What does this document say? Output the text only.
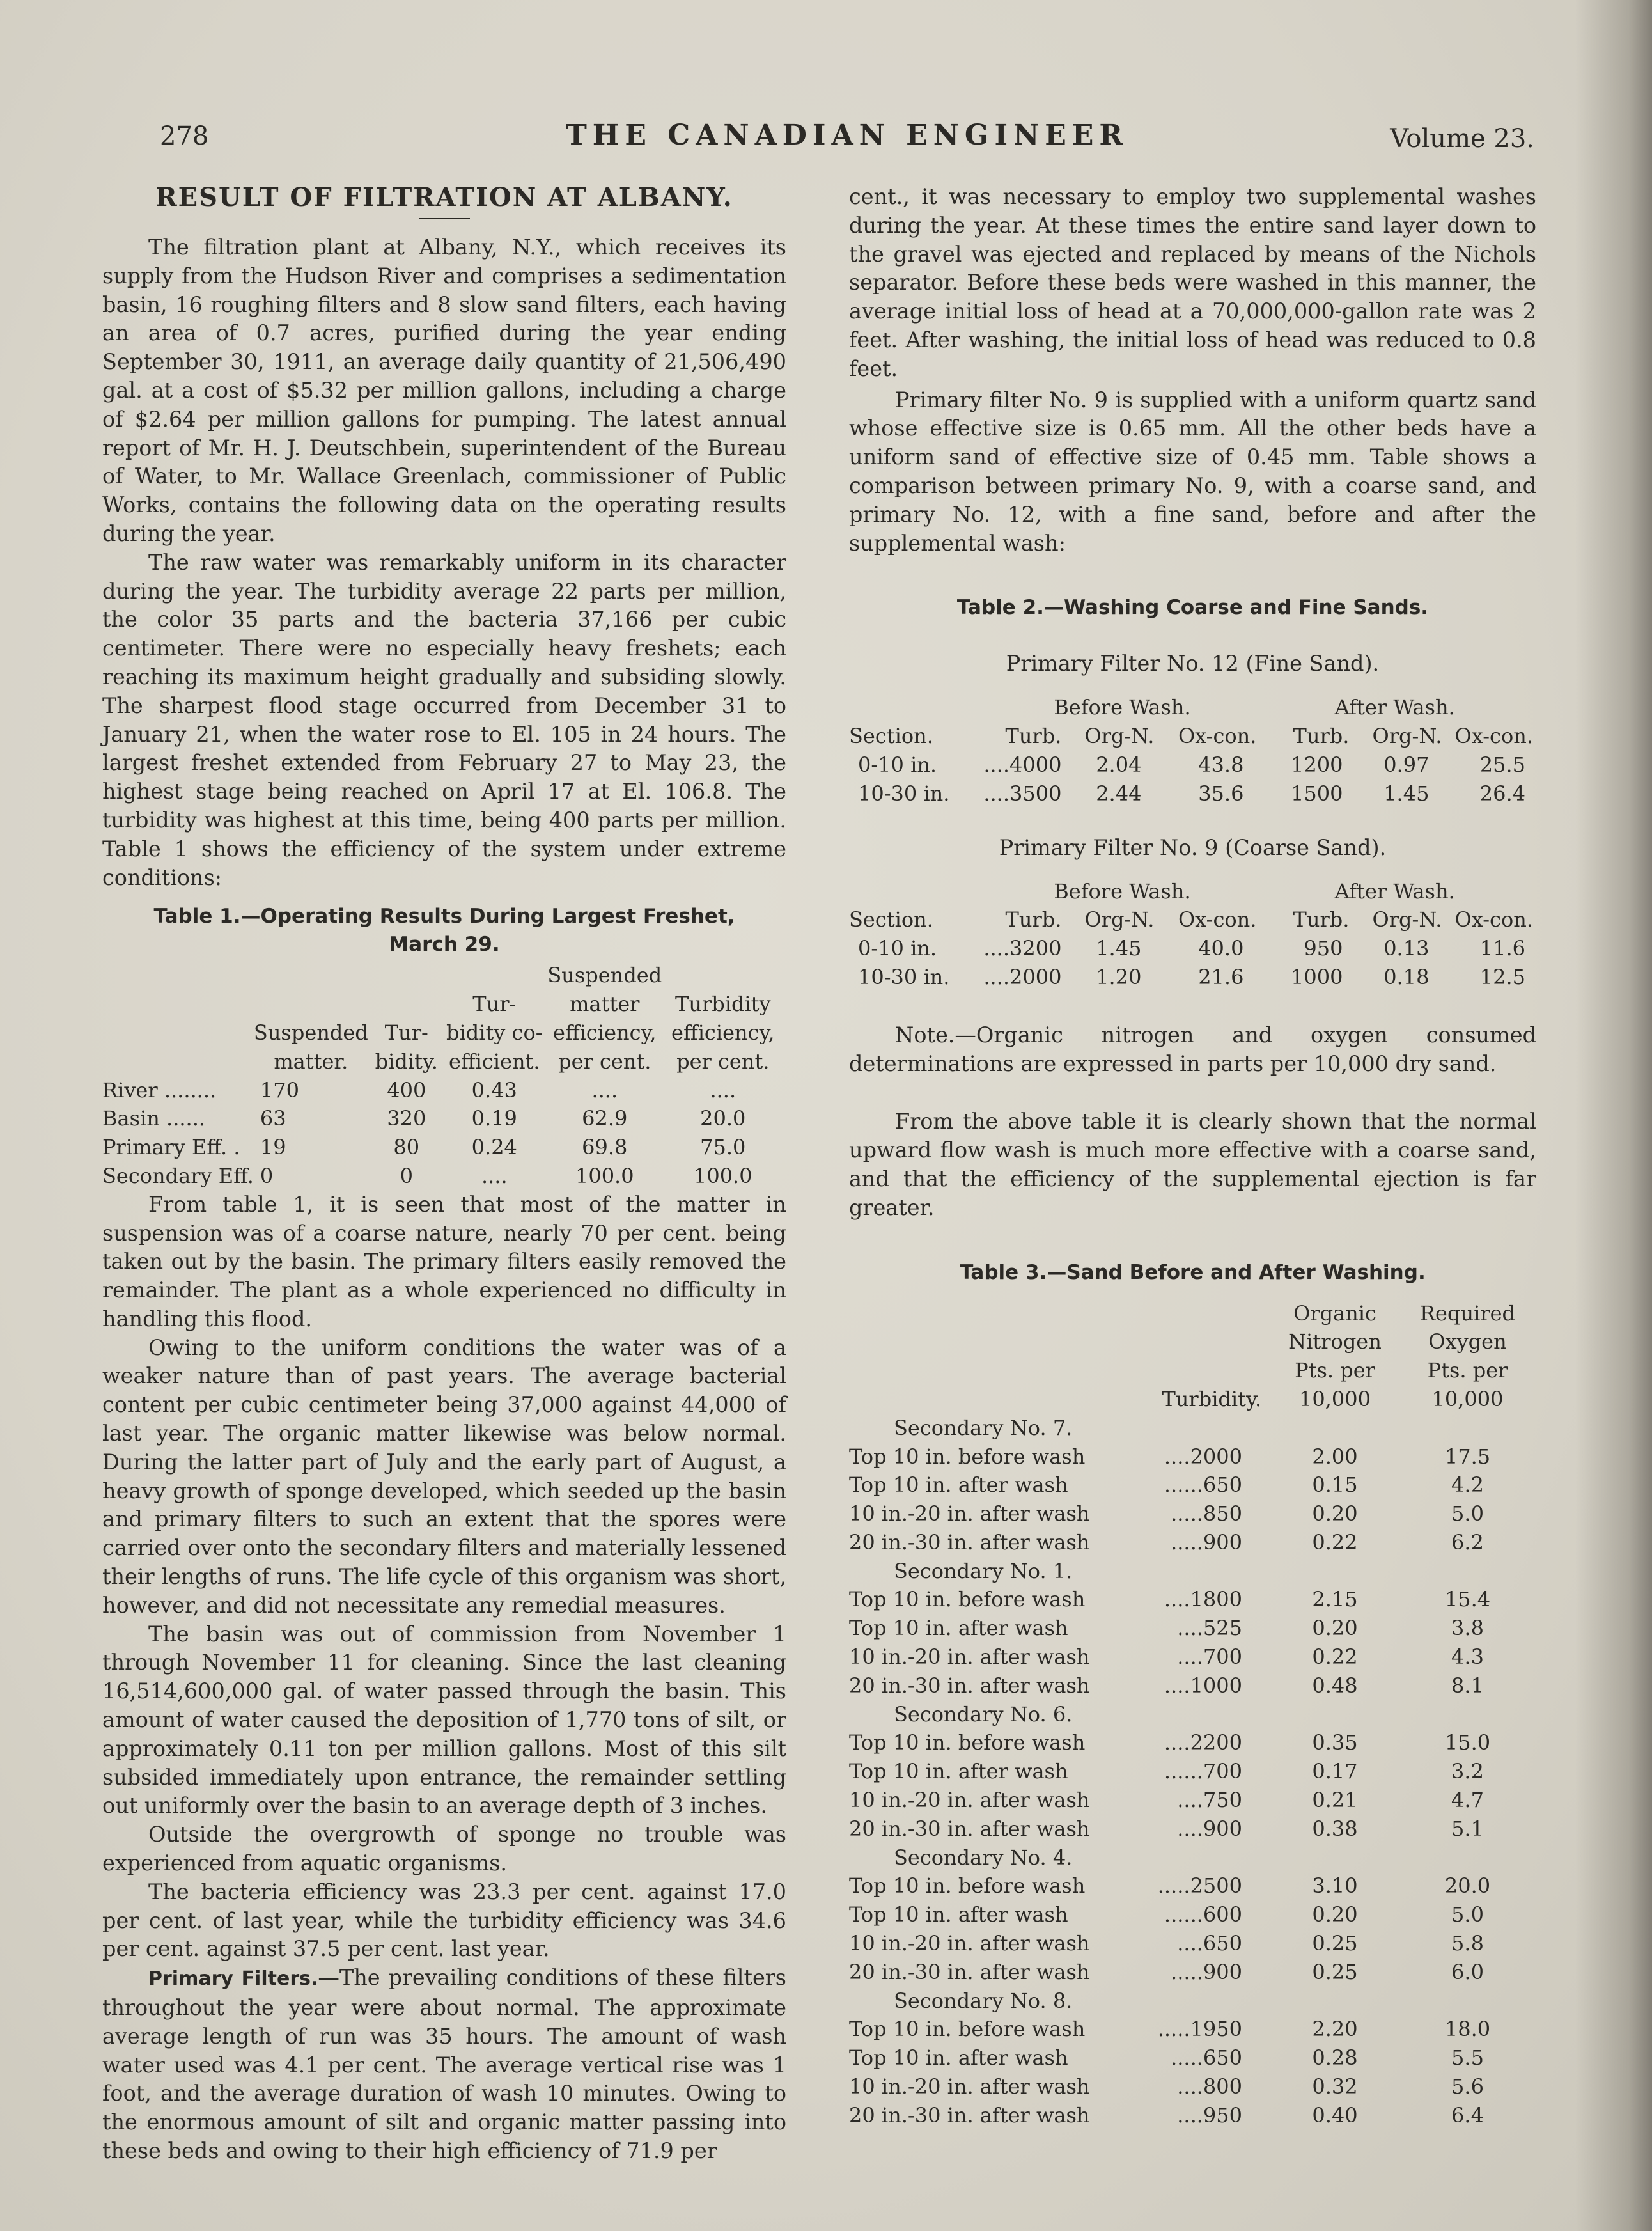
278	THE CANADIAN ENGINEER	Volume 23.
RESULT OF FILTRATION AT ALBANY.

The filtration plant at Albany, N.Y., which receives its supply from the Hudson River and comprises a sedimentation basin, 16 roughing filters and 8 slow sand filters, each having an area of 0.7 acres, purified during the year ending September 30, 1911, an average daily quantity of 21,506,490 gal. at a cost of $5.32 per million gallons, including a charge of $2.64 per million gallons for pumping. The latest annual report of Mr. H. J. Deutschbein, superintendent of the Bureau of Water, to Mr. Wallace Greenlach, commissioner of Public Works, contains the following data on the operating results during the year.

The raw water was remarkably uniform in its character during the year. The turbidity average 22 parts per million, the color 35 parts and the bacteria 37,166 per cubic centimeter. There were no especially heavy freshets; each reaching its maximum height gradually and subsiding slowly. The sharpest flood stage occurred from December 31 to January 21, when the water rose to El. 105 in 24 hours. The largest freshet extended from February 27 to May 23, the highest stage being reached on April 17 at El. 106.8. The turbidity was highest at this time, being 400 parts per million. Table 1 shows the efficiency of the system under extreme conditions:

Table 1.—Operating Results During Largest Freshet,
March 29.
				Suspended		
			Tur-	matter	Turbidity	
	Suspended	Tur-	bidity co-	efficiency,	efficiency,	
	matter.	bidity.	efficient.	per cent.	per cent.	
River ........	170	400	0.43	....	....	
Basin ......	63	320	0.19	62.9	20.0	
Primary Eff. .	19	80	0.24	69.8	75.0	
Secondary Eff.	0	0	....	100.0	100.0	

From table 1, it is seen that most of the matter in suspension was of a coarse nature, nearly 70 per cent. being taken out by the basin. The primary filters easily removed the remainder. The plant as a whole experienced no difficulty in handling this flood.

Owing to the uniform conditions the water was of a weaker nature than of past years. The average bacterial content per cubic centimeter being 37,000 against 44,000 of last year. The organic matter likewise was below normal. During the latter part of July and the early part of August, a heavy growth of sponge developed, which seeded up the basin and primary filters to such an extent that the spores were carried over onto the secondary filters and materially lessened their lengths of runs. The life cycle of this organism was short, however, and did not necessitate any remedial measures.

The basin was out of commission from November 1 through November 11 for cleaning. Since the last cleaning 16,514,600,000 gal. of water passed through the basin. This amount of water caused the deposition of 1,770 tons of silt, or approximately 0.11 ton per million gallons. Most of this silt subsided immediately upon entrance, the remainder settling out uniformly over the basin to an average depth of 3 inches.

Outside the overgrowth of sponge no trouble was experienced from aquatic organisms.

The bacteria efficiency was 23.3 per cent. against 17.0 per cent. of last year, while the turbidity efficiency was 34.6 per cent. against 37.5 per cent. last year.

Primary Filters.—The prevailing conditions of these filters throughout the year were about normal. The approximate average length of run was 35 hours. The amount of wash water used was 4.1 per cent. The average vertical rise was 1 foot, and the average duration of wash 10 minutes. Owing to the enormous amount of silt and organic matter passing into these beds and owing to their high efficiency of 71.9 per

cent., it was necessary to employ two supplemental washes during the year. At these times the entire sand layer down to the gravel was ejected and replaced by means of the Nichols separator. Before these beds were washed in this manner, the average initial loss of head at a 70,000,000-gallon rate was 2 feet. After washing, the initial loss of head was reduced to 0.8 feet.

Primary filter No. 9 is supplied with a uniform quartz sand whose effective size is 0.65 mm. All the other beds have a uniform sand of effective size of 0.45 mm. Table shows a comparison between primary No. 9, with a coarse sand, and primary No. 12, with a fine sand, before and after the supplemental wash:

Table 2.—Washing Coarse and Fine Sands.
Primary Filter No. 12 (Fine Sand).
	Before Wash.			After Wash.		
Section.	Turb.	Org-N.	Ox-con.	Turb.	Org-N.	Ox-con.
0-10 in.	....4000	2.04	43.8	1200	0.97	25.5
10-30 in.	....3500	2.44	35.6	1500	1.45	26.4
Primary Filter No. 9 (Coarse Sand).
	Before Wash.			After Wash.		
Section.	Turb.	Org-N.	Ox-con.	Turb.	Org-N.	Ox-con.
0-10 in.	....3200	1.45	40.0	950	0.13	11.6
10-30 in.	....2000	1.20	21.6	1000	0.18	12.5

Note.—Organic nitrogen and oxygen consumed determinations are expressed in parts per 10,000 dry sand.

From the above table it is clearly shown that the normal upward flow wash is much more effective with a coarse sand, and that the efficiency of the supplemental ejection is far greater.

Table 3.—Sand Before and After Washing.
		Organic	Required
		Nitrogen	Oxygen
		Pts. per	Pts. per
	Turbidity.	10,000	10,000
Secondary No. 7.			
Top 10 in. before wash	....2000	2.00	17.5
Top 10 in. after wash	......650	0.15	4.2
10 in.-20 in. after wash	.....850	0.20	5.0
20 in.-30 in. after wash	.....900	0.22	6.2
Secondary No. 1.			
Top 10 in. before wash	....1800	2.15	15.4
Top 10 in. after wash	....525	0.20	3.8
10 in.-20 in. after wash	....700	0.22	4.3
20 in.-30 in. after wash	....1000	0.48	8.1
Secondary No. 6.			
Top 10 in. before wash	....2200	0.35	15.0
Top 10 in. after wash	......700	0.17	3.2
10 in.-20 in. after wash	....750	0.21	4.7
20 in.-30 in. after wash	....900	0.38	5.1
Secondary No. 4.			
Top 10 in. before wash	.....2500	3.10	20.0
Top 10 in. after wash	......600	0.20	5.0
10 in.-20 in. after wash	....650	0.25	5.8
20 in.-30 in. after wash	.....900	0.25	6.0
Secondary No. 8.			
Top 10 in. before wash	.....1950	2.20	18.0
Top 10 in. after wash	.....650	0.28	5.5
10 in.-20 in. after wash	....800	0.32	5.6
20 in.-30 in. after wash	....950	0.40	6.4
